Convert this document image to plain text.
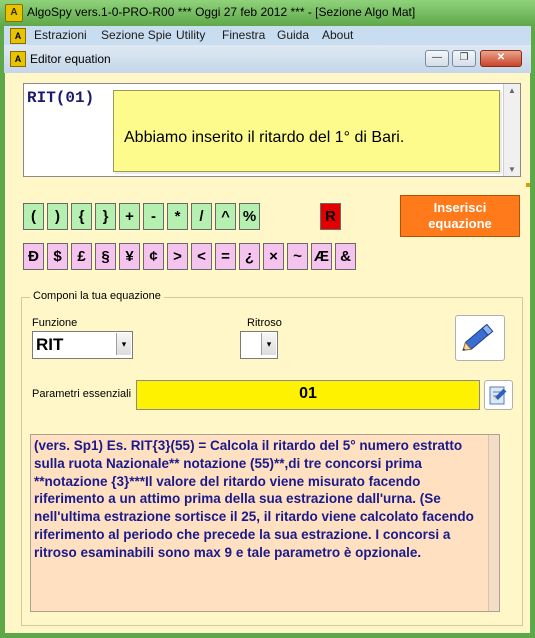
A AlgoSpy vers.1-0-PRO-R00 *** Oggi 27 feb 2012 *** - [Sezione Algo Mat]
A	Estrazioni Sezione Spie Utility Finestra Guida About
A Editor equation	—	❐	✕
RIT(01)	▲
▼
Abbiamo inserito il ritardo del 1° di Bari.
(	)	{	}	+	-	*	/	^ %	R
Inserisci
equazione
Đ $	£	§	¥	¢	>	<	=	¿	×	~ Æ &
Componi la tua equazione
Funzione
RIT	▾
Ritroso
▾
Parametri essenziali	01
(vers. Sp1) Es. RIT{3}(55) = Calcola il ritardo del 5° numero estratto sulla ruota Nazionale** notazione (55)**,di tre concorsi prima **notazione {3}***Il valore del ritardo viene misurato facendo riferimento a un attimo prima della sua estrazione dall'urna. (Se nell'ultima estrazione sortisce il 25, il ritardo viene calcolato facendo riferimento al periodo che precede la sua estrazione. I concorsi a ritroso esaminabili sono max 9 e tale parametro è opzionale.
